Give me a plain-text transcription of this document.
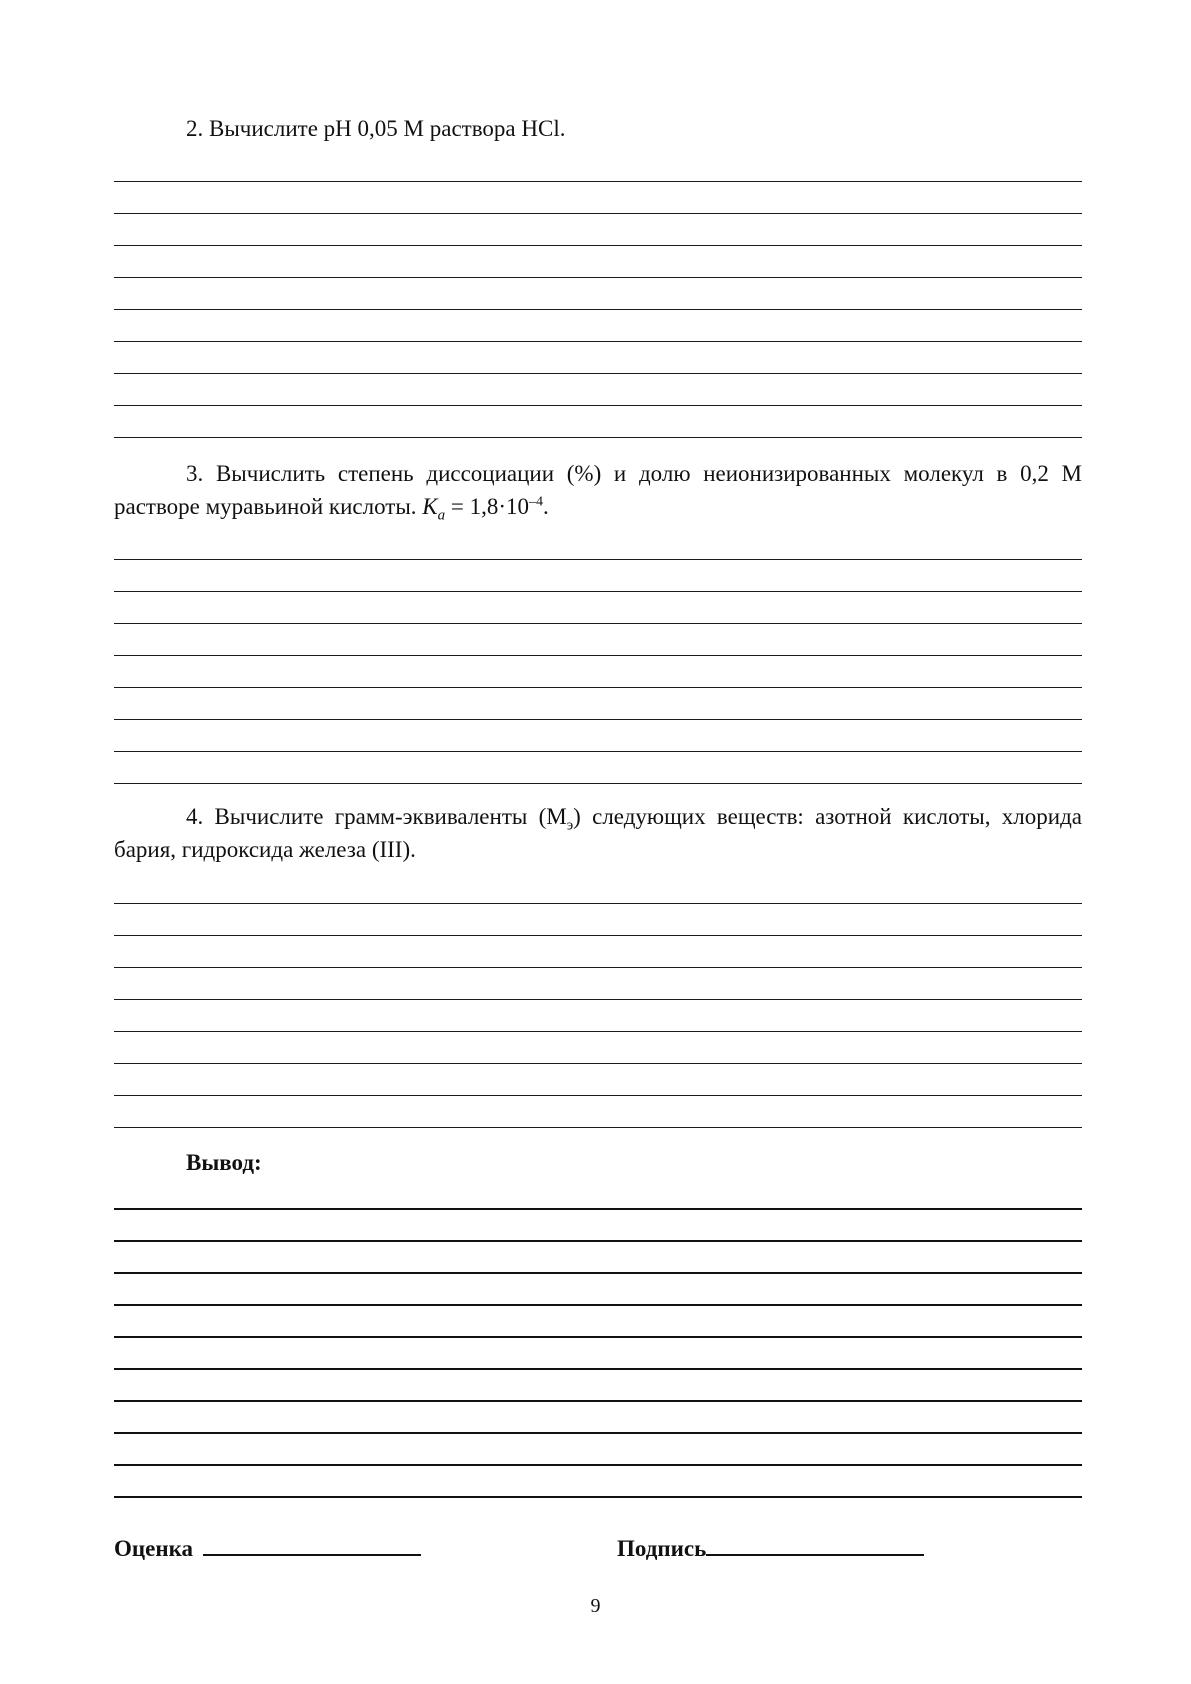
2. Вычислите pH 0,05 М раствора HCl.
3. Вычислить степень диссоциации (%) и долю неионизированных молекул в 0,2 М растворе муравьиной кислоты. $K_a = 1,8\cdot 10^{-4}$.
4. Вычислите грамм-эквиваленты $(М_э)$ следующих веществ: азотной кислоты, хлорида бария, гидроксида железа (III).
Вывод:
Оценка	Подпись
9
